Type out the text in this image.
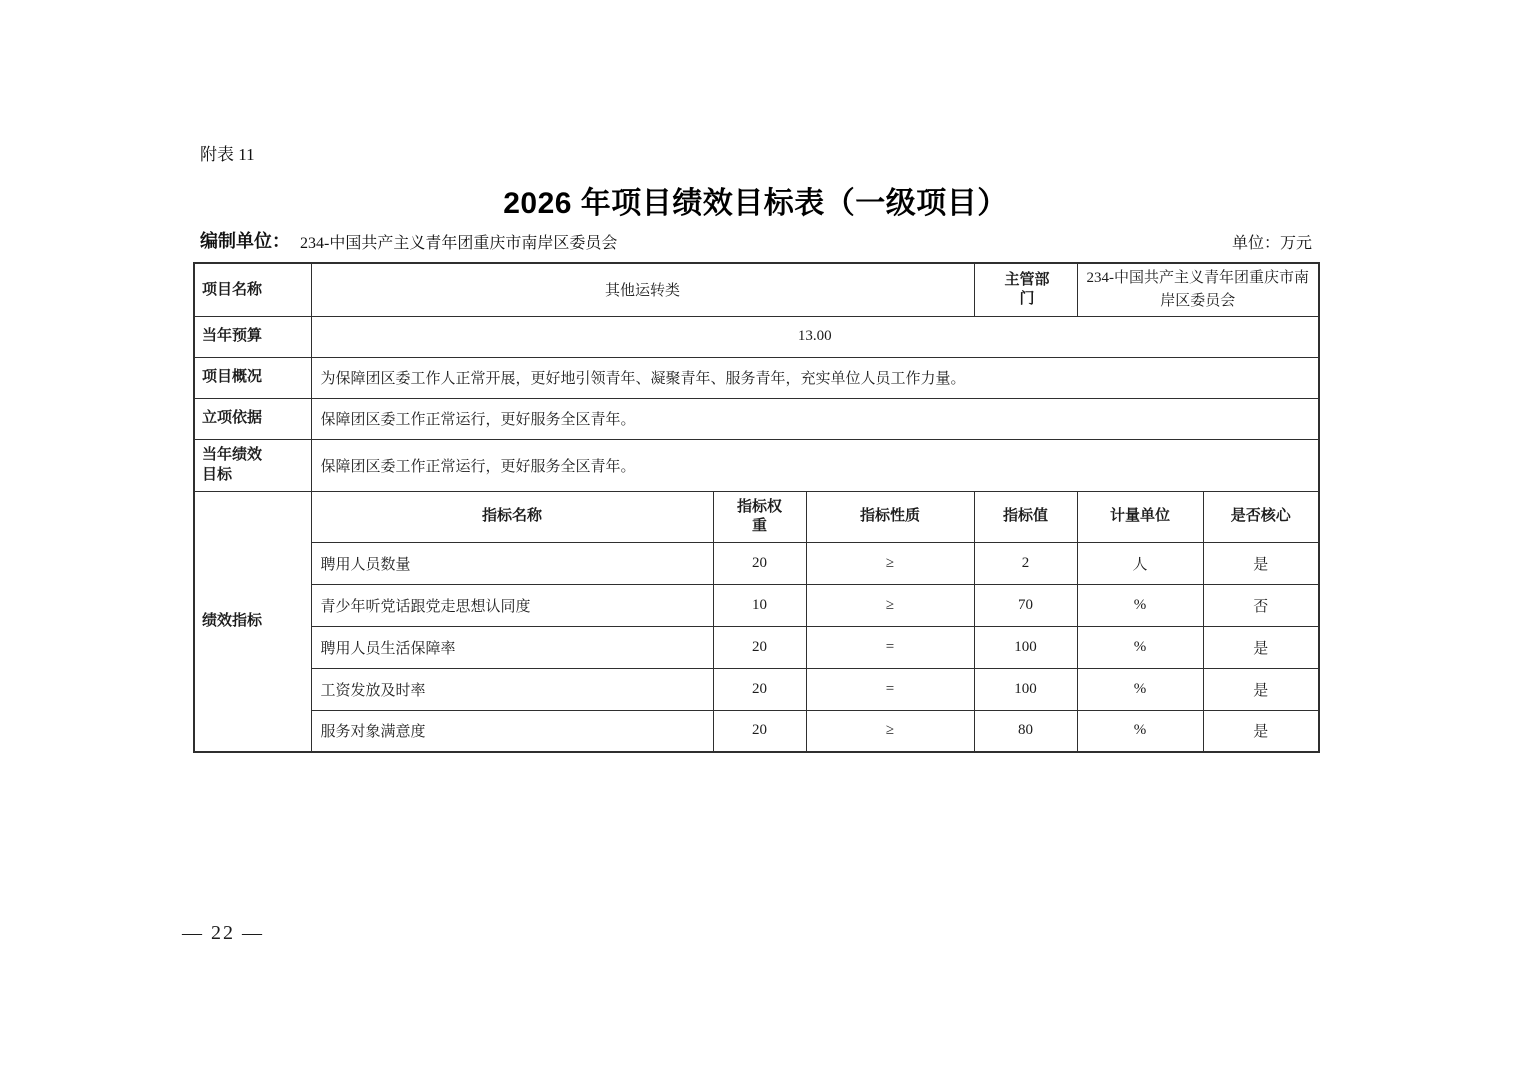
附表 11
2026 年项目绩效目标表（一级项目）
编制单位： 234-中国共产主义青年团重庆市南岸区委员会	单位：万元
项目名称	其他运转类			主管部门	234-中国共产主义青年团重庆市南岸区委员会	
当年预算	13.00					
项目概况	为保障团区委工作人正常开展，更好地引领青年、凝聚青年、服务青年，充实单位人员工作力量。					
立项依据	保障团区委工作正常运行，更好服务全区青年。					
当年绩效目标	保障团区委工作正常运行，更好服务全区青年。					
绩效指标	指标名称	指标权重	指标性质	指标值	计量单位	是否核心
	聘用人员数量	20	≥	2	人	是
	青少年听党话跟党走思想认同度	10	≥	70	%	否
	聘用人员生活保障率	20	=	100	%	是
	工资发放及时率	20	=	100	%	是
	服务对象满意度	20	≥	80	%	是
— 22 —
